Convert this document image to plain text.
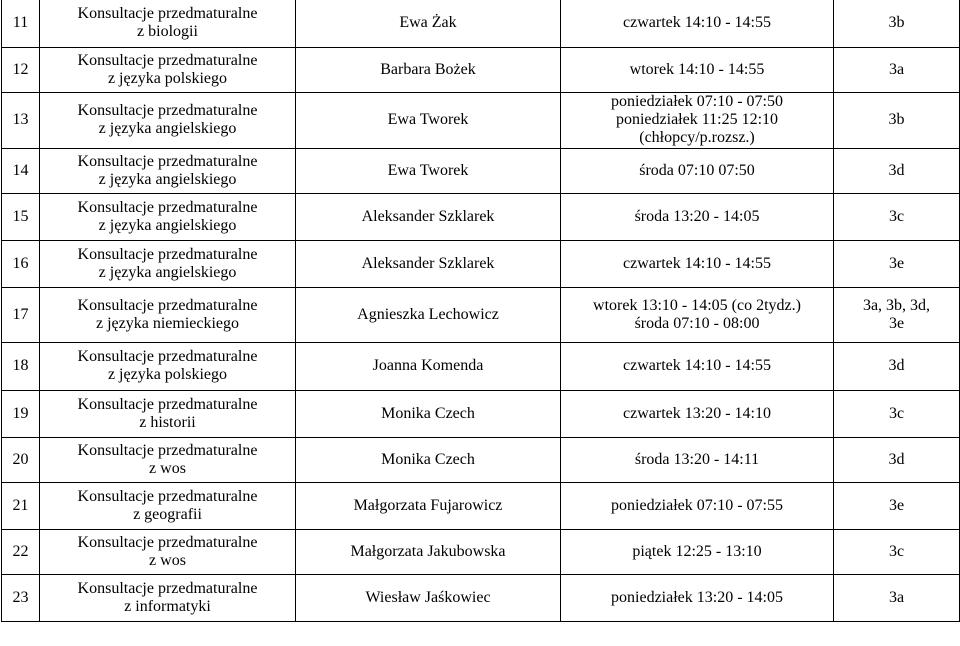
11	Konsultacje przedmaturalne
z biologii	Ewa Żak	czwartek 14:10 - 14:55	3b

12	Konsultacje przedmaturalne
z języka polskiego	Barbara Bożek	wtorek 14:10 - 14:55	3a

13	Konsultacje przedmaturalne
z języka angielskiego	Ewa Tworek	poniedziałek 07:10 - 07:50
poniedziałek 11:25 12:10
(chłopcy/p.rozsz.)	3b

14	Konsultacje przedmaturalne
z języka angielskiego	Ewa Tworek	środa 07:10 07:50	3d

15	Konsultacje przedmaturalne
z języka angielskiego	Aleksander Szklarek	środa 13:20 - 14:05	3c

16	Konsultacje przedmaturalne
z języka angielskiego	Aleksander Szklarek	czwartek 14:10 - 14:55	3e

17	Konsultacje przedmaturalne
z języka niemieckiego	Agnieszka Lechowicz	wtorek 13:10 - 14:05 (co 2tydz.)
środa 07:10 - 08:00	3a, 3b, 3d,
3e

18	Konsultacje przedmaturalne
z języka polskiego	Joanna Komenda	czwartek 14:10 - 14:55	3d

19	Konsultacje przedmaturalne
z historii	Monika Czech	czwartek 13:20 - 14:10	3c

20	Konsultacje przedmaturalne
z wos	Monika Czech	środa 13:20 - 14:11	3d

21	Konsultacje przedmaturalne
z geografii	Małgorzata Fujarowicz	poniedziałek 07:10 - 07:55	3e

22	Konsultacje przedmaturalne
z wos	Małgorzata Jakubowska	piątek 12:25 - 13:10	3c

23	Konsultacje przedmaturalne
z informatyki	Wiesław Jaśkowiec	poniedziałek 13:20 - 14:05	3a
